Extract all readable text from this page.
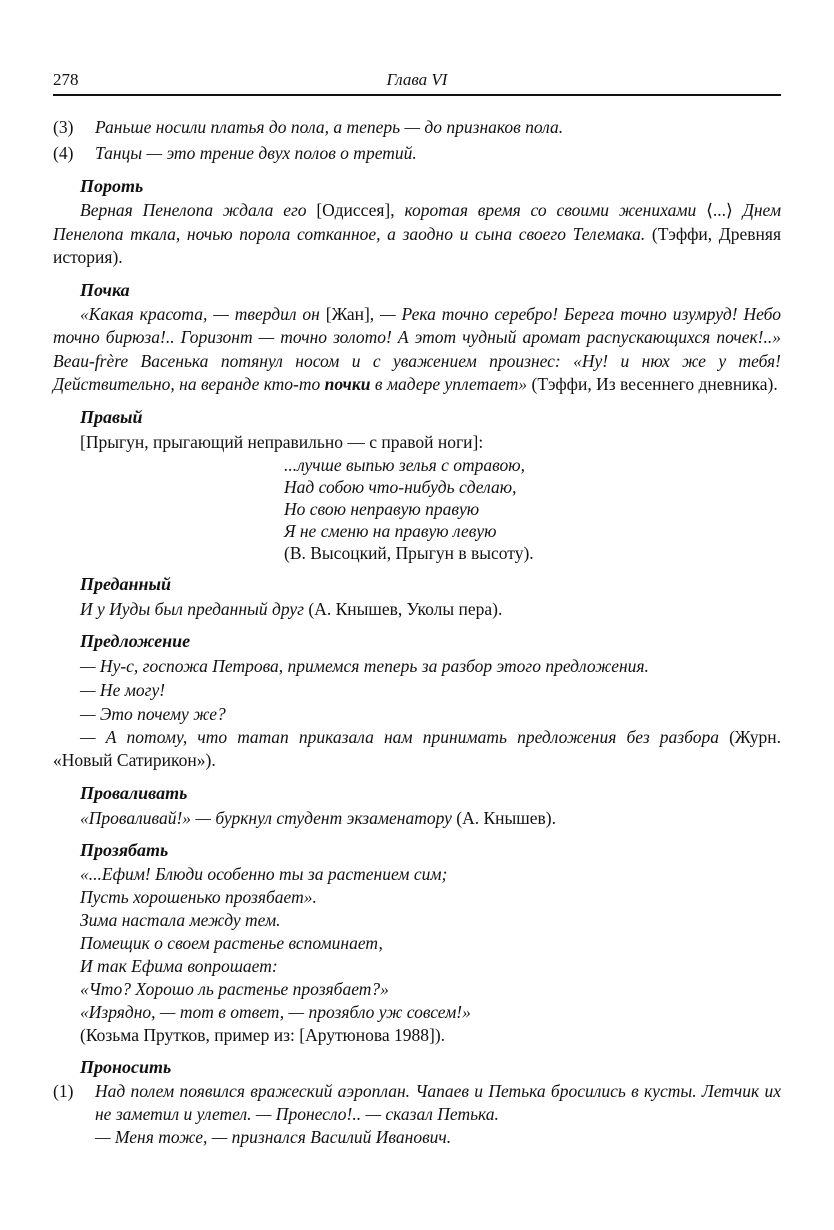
278	Глава VI
(3)	Раньше носили платья до пола, а теперь — до признаков пола.
(4)	Танцы — это трение двух полов о третий.
Пороть
Верная Пенелопа ждала его [Одиссея], коротая время со своими женихами ⟨...⟩ Днем Пенелопа ткала, ночью порола сотканное, а заодно и сына своего Телемака. (Тэффи, Древняя история).
Почка
«Какая красота, — твердил он [Жан], — Река точно серебро! Берега точно изумруд! Небо точно бирюза!.. Горизонт — точно золото! А этот чудный аромат распускающихся почек!..» Beau-frère Васенька потянул носом и с уважением произнес: «Ну! и нюх же у тебя! Действительно, на веранде кто-то почки в мадере уплетает» (Тэффи, Из весеннего дневника).
Правый
[Прыгун, прыгающий неправильно — с правой ноги]:
...лучше выпью зелья с отравою,
Над собою что-нибудь сделаю,
Но свою неправую правую
Я не сменю на правую левую
(В. Высоцкий, Прыгун в высоту).
Преданный
И у Иуды был преданный друг (А. Кнышев, Уколы пера).
Предложение
— Ну-с, госпожа Петрова, примемся теперь за разбор этого предложения.
— Не могу!
— Это почему же?
— А потому, что maman приказала нам принимать предложения без разбора (Журн. «Новый Сатирикон»).
Проваливать
«Проваливай!» — буркнул студент экзаменатору (А. Кнышев).
Прозябать
«...Ефим! Блюди особенно ты за растением сим;
Пусть хорошенько прозябает».
Зима настала между тем.
Помещик о своем растенье вспоминает,
И так Ефима вопрошает:
«Что? Хорошо ль растенье прозябает?»
«Изрядно, — тот в ответ, — прозябло уж совсем!»
(Козьма Прутков, пример из: [Арутюнова 1988]).
Проносить
(1)	Над полем появился вражеский аэроплан. Чапаев и Петька бросились в кусты. Летчик их не заметил и улетел. — Пронесло!.. — сказал Петька.
— Меня тоже, — признался Василий Иванович.
